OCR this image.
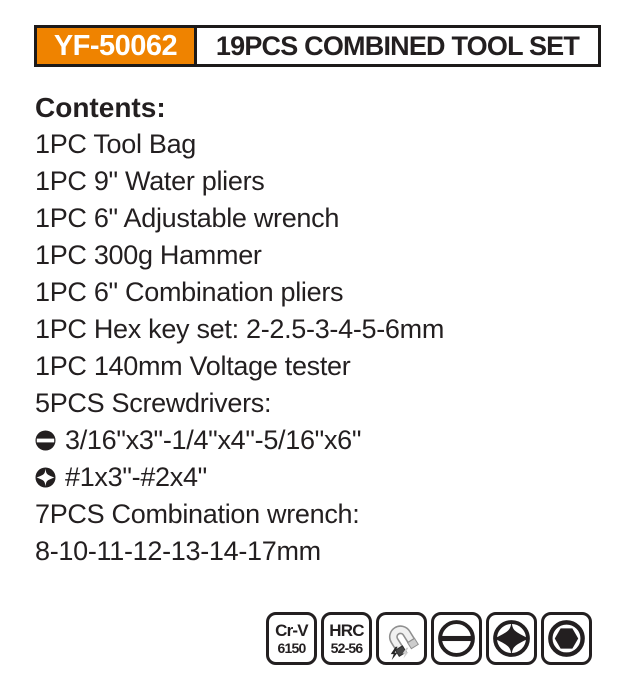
YF-50062	19PCS COMBINED TOOL SET
Contents:
1PC Tool Bag
1PC 9" Water pliers
1PC 6" Adjustable wrench
1PC 300g Hammer
1PC 6" Combination pliers
1PC Hex key set: 2-2.5-3-4-5-6mm
1PC 140mm Voltage tester
5PCS Screwdrivers:
3/16"x3"-1/4"x4"-5/16"x6"
#1x3"-#2x4"
7PCS Combination wrench:
8-10-11-12-13-14-17mm
Cr-V
6150
HRC
52-56
